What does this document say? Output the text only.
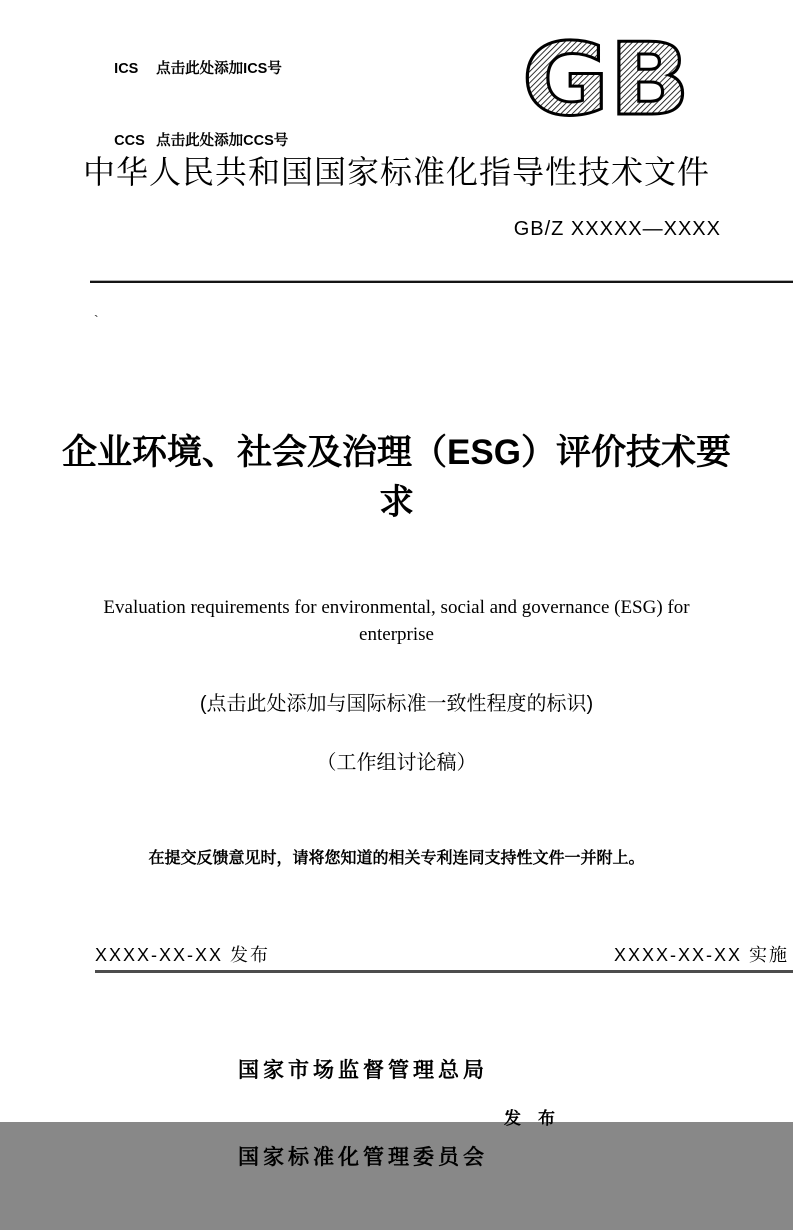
ICS 点击此处添加ICS号

CCS 点击此处添加CCS号

GB
中华人民共和国国家标准化指导性技术文件
GB/Z XXXXX—XXXX
`
企业环境、社会及治理（ESG）评价技术要
求
Evaluation requirements for environmental, social and governance (ESG) for
enterprise
(点击此处添加与国际标准一致性程度的标识)
（工作组讨论稿）
在提交反馈意见时，请将您知道的相关专利连同支持性文件一并附上。
XXXX-XX-XX 发布	XXXX-XX-XX 实施

国家市场监督管理总局

国家标准化管理委员会

发　布
